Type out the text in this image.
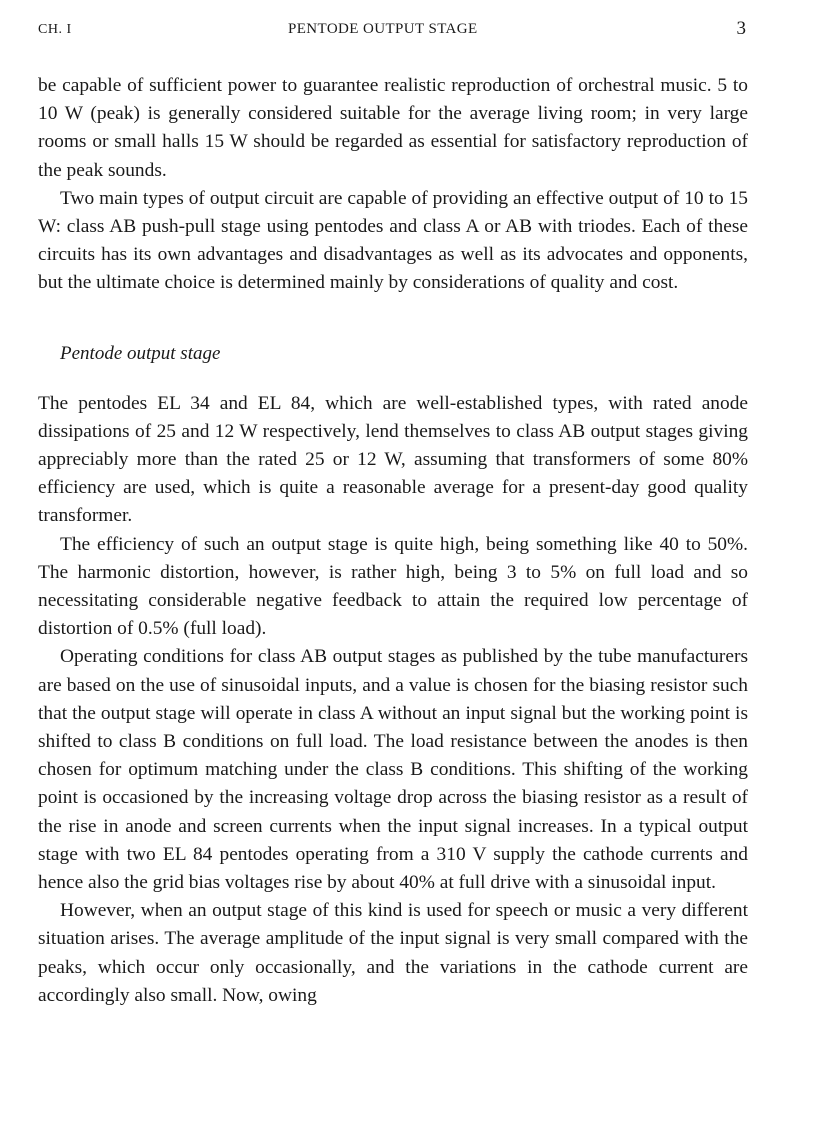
CH. I	PENTODE OUTPUT STAGE	3

be capable of sufficient power to guarantee realistic reproduction of orchestral music. 5 to 10 W (peak) is generally considered suitable for the average living room; in very large rooms or small halls 15 W should be regarded as essential for satisfactory reproduction of the peak sounds.

Two main types of output circuit are capable of providing an effective output of 10 to 15 W: class AB push-pull stage using pentodes and class A or AB with triodes. Each of these circuits has its own advantages and disadvantages as well as its advocates and opponents, but the ultimate choice is determined mainly by considerations of quality and cost.

Pentode output stage

The pentodes EL 34 and EL 84, which are well-established types, with rated anode dissipations of 25 and 12 W respectively, lend themselves to class AB output stages giving appreciably more than the rated 25 or 12 W, assuming that transformers of some 80% efficiency are used, which is quite a reasonable average for a present-day good quality transformer.

The efficiency of such an output stage is quite high, being something like 40 to 50%. The harmonic distortion, however, is rather high, being 3 to 5% on full load and so necessitating considerable negative feedback to attain the required low percentage of distortion of 0.5% (full load).

Operating conditions for class AB output stages as published by the tube manufacturers are based on the use of sinusoidal inputs, and a value is chosen for the biasing resistor such that the output stage will operate in class A without an input signal but the working point is shifted to class B conditions on full load. The load resistance between the anodes is then chosen for optimum matching under the class B conditions. This shifting of the working point is occasioned by the increasing voltage drop across the biasing resistor as a result of the rise in anode and screen currents when the input signal increases. In a typical output stage with two EL 84 pentodes operating from a 310 V supply the cathode currents and hence also the grid bias voltages rise by about 40% at full drive with a sinusoidal input.

However, when an output stage of this kind is used for speech or music a very different situation arises. The average amplitude of the input signal is very small compared with the peaks, which occur only occasionally, and the variations in the cathode current are accordingly also small. Now, owing
